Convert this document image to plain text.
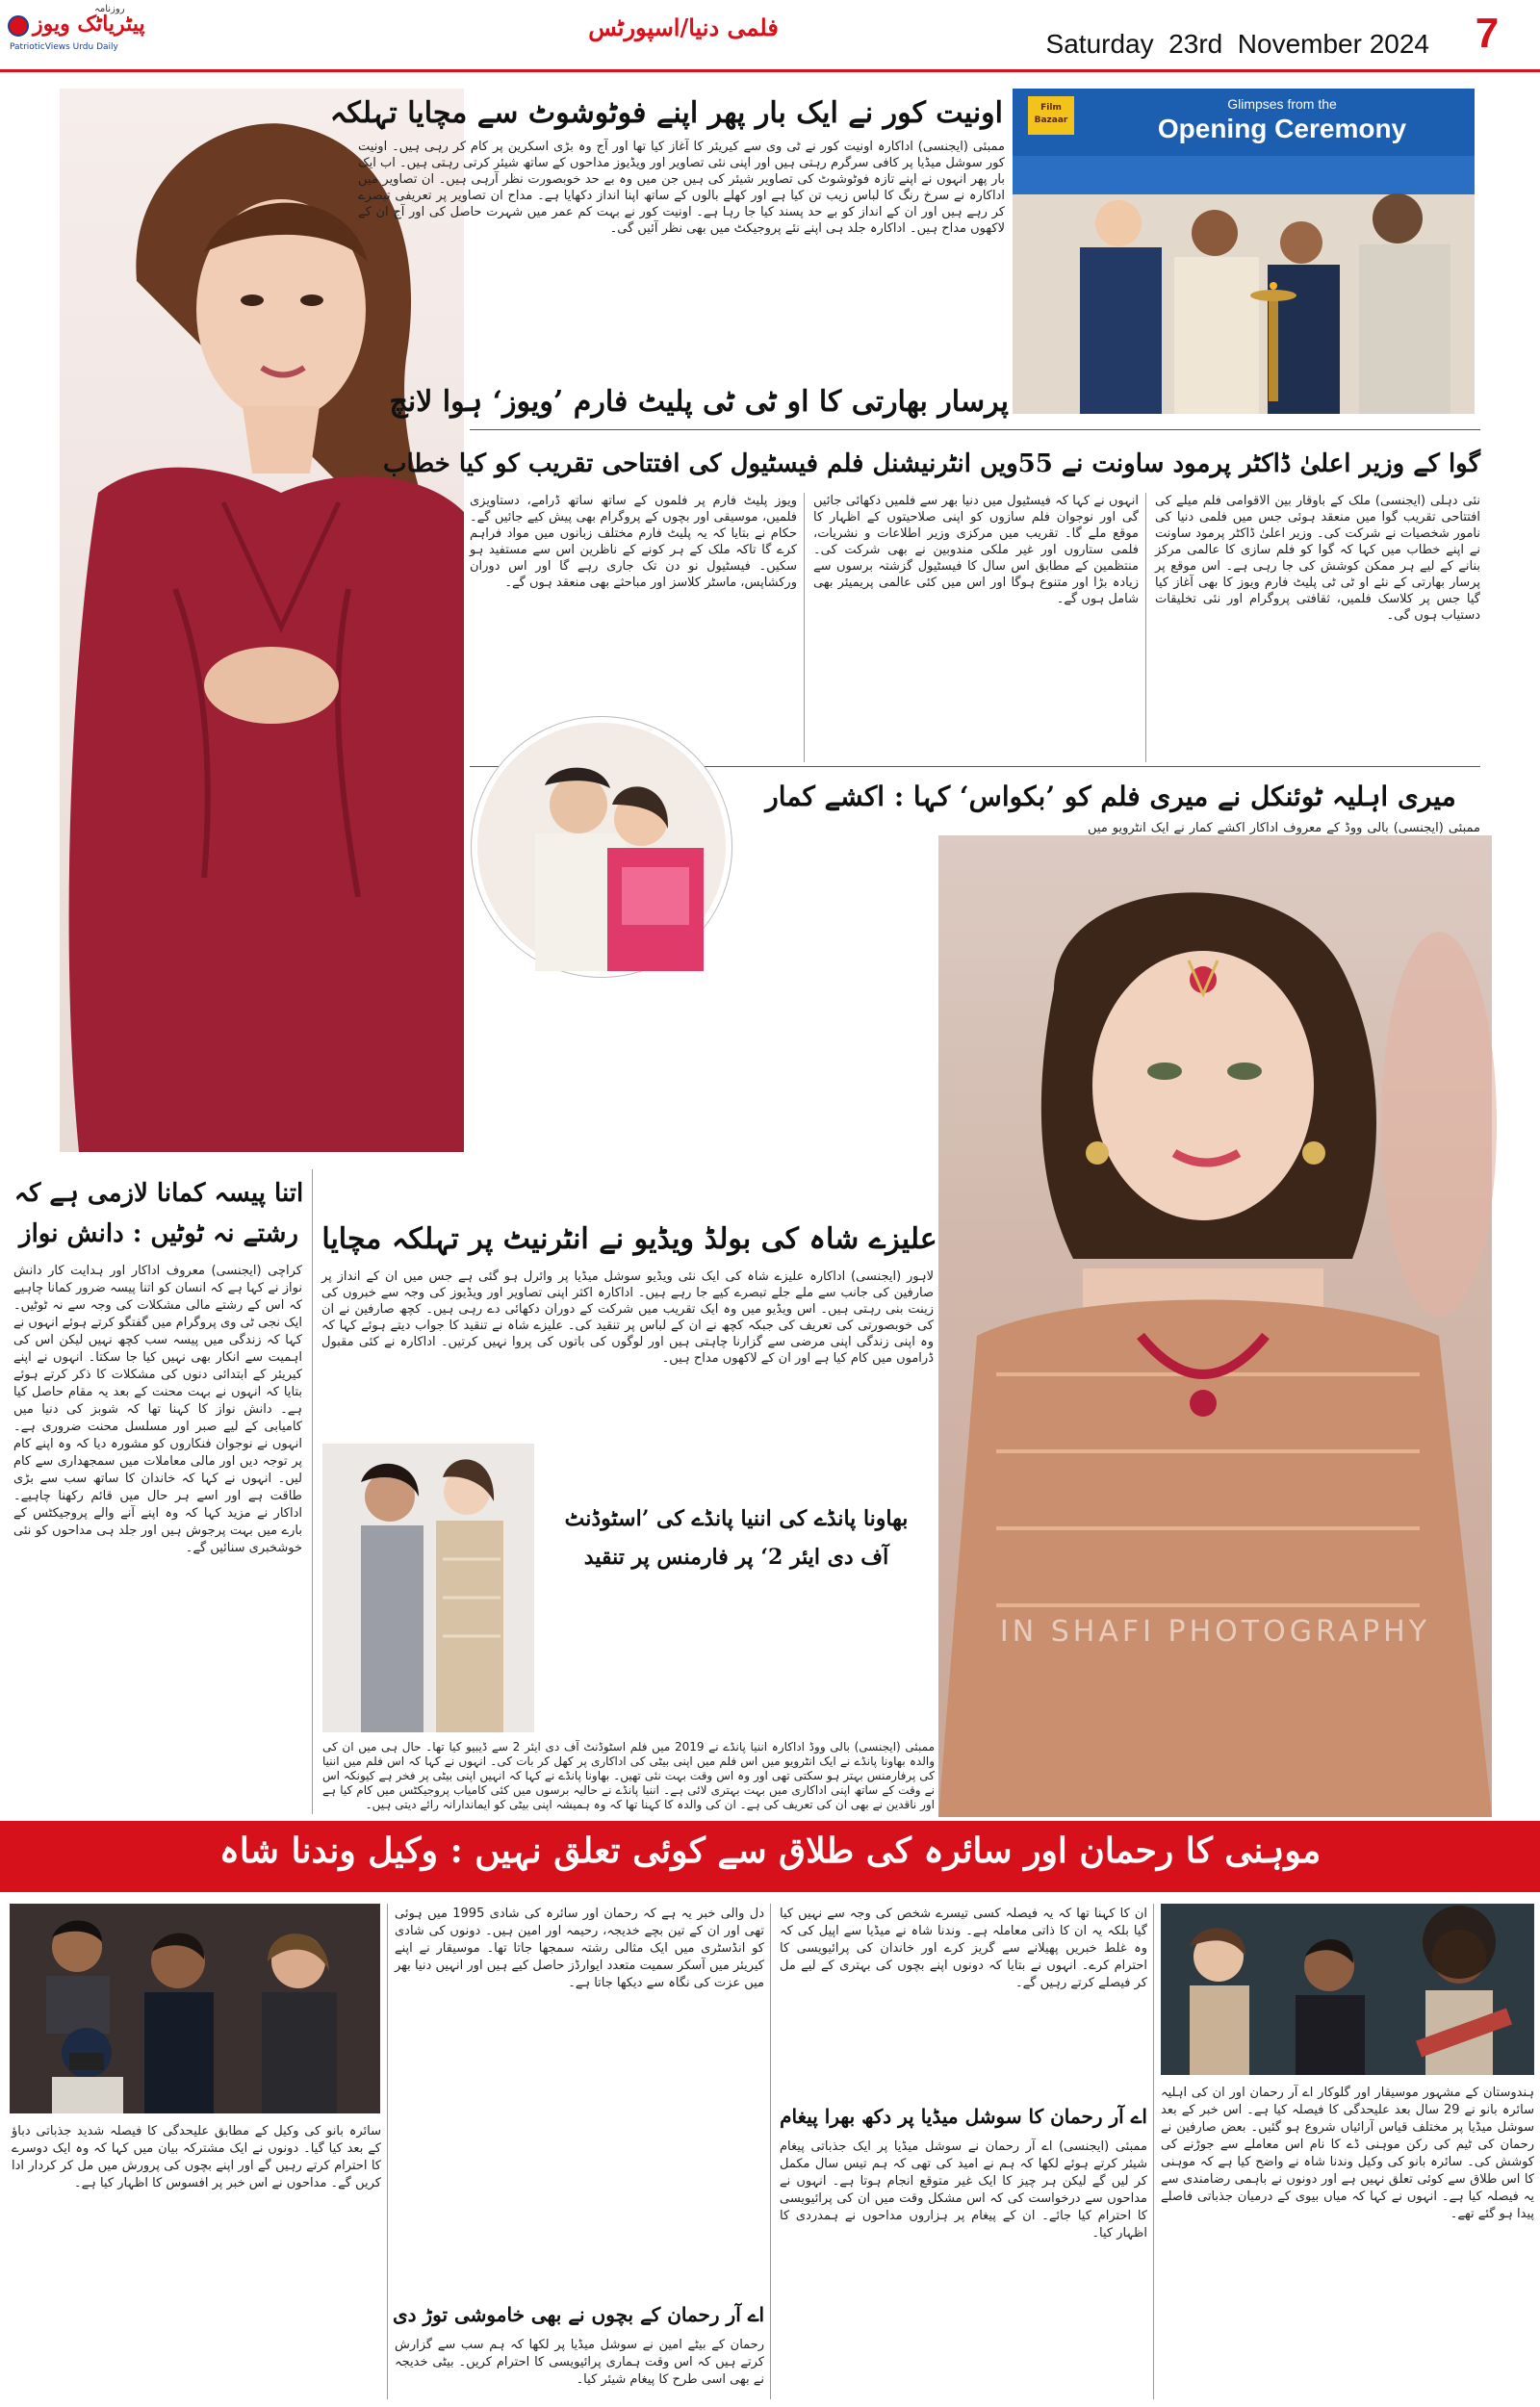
روزنامہ
پیٹریاٹک ویوز
PatrioticViews Urdu Daily
فلمی دنیا/اسپورٹس
Saturday  23rd  November 2024	7
Film Bazaar
Glimpses from the
Opening Ceremony
اونیت کور نے ایک بار پھر اپنے فوٹوشوٹ سے مچایا تہلکہ
ممبئی (ایجنسی) اداکارہ اونیت کور نے ٹی وی سے کیریئر کا آغاز کیا تھا اور آج وہ بڑی اسکرین پر کام کر رہی ہیں۔ اونیت کور سوشل میڈیا پر کافی سرگرم رہتی ہیں اور اپنی نئی تصاویر اور ویڈیوز مداحوں کے ساتھ شیئر کرتی رہتی ہیں۔ اب ایک بار پھر انہوں نے اپنے تازہ فوٹوشوٹ کی تصاویر شیئر کی ہیں جن میں وہ بے حد خوبصورت نظر آرہی ہیں۔ ان تصاویر میں اداکارہ نے سرخ رنگ کا لباس زیب تن کیا ہے اور کھلے بالوں کے ساتھ اپنا انداز دکھایا ہے۔ مداح ان تصاویر پر تعریفی تبصرے کر رہے ہیں اور ان کے انداز کو بے حد پسند کیا جا رہا ہے۔ اونیت کور نے بہت کم عمر میں شہرت حاصل کی اور آج ان کے لاکھوں مداح ہیں۔ اداکارہ جلد ہی اپنے نئے پروجیکٹ میں بھی نظر آئیں گی۔
پرسار بھارتی کا او ٹی ٹی پلیٹ فارم ’ویوز‘ ہوا لانچ
گوا کے وزیر اعلیٰ ڈاکٹر پرمود ساونت نے 55ویں انٹرنیشنل فلم فیسٹیول کی افتتاحی تقریب کو کیا خطاب
نئی دہلی (ایجنسی) ملک کے باوقار بین الاقوامی فلم میلے کی افتتاحی تقریب گوا میں منعقد ہوئی جس میں فلمی دنیا کی نامور شخصیات نے شرکت کی۔ وزیر اعلیٰ ڈاکٹر پرمود ساونت نے اپنے خطاب میں کہا کہ گوا کو فلم سازی کا عالمی مرکز بنانے کے لیے ہر ممکن کوشش کی جا رہی ہے۔ اس موقع پر پرسار بھارتی کے نئے او ٹی ٹی پلیٹ فارم ویوز کا بھی آغاز کیا گیا جس پر کلاسک فلمیں، ثقافتی پروگرام اور نئی تخلیقات دستیاب ہوں گی۔
انہوں نے کہا کہ فیسٹیول میں دنیا بھر سے فلمیں دکھائی جائیں گی اور نوجوان فلم سازوں کو اپنی صلاحیتوں کے اظہار کا موقع ملے گا۔ تقریب میں مرکزی وزیر اطلاعات و نشریات، فلمی ستاروں اور غیر ملکی مندوبین نے بھی شرکت کی۔ منتظمین کے مطابق اس سال کا فیسٹیول گزشتہ برسوں سے زیادہ بڑا اور متنوع ہوگا اور اس میں کئی عالمی پریمیئر بھی شامل ہوں گے۔
ویوز پلیٹ فارم پر فلموں کے ساتھ ساتھ ڈرامے، دستاویزی فلمیں، موسیقی اور بچوں کے پروگرام بھی پیش کیے جائیں گے۔ حکام نے بتایا کہ یہ پلیٹ فارم مختلف زبانوں میں مواد فراہم کرے گا تاکہ ملک کے ہر کونے کے ناظرین اس سے مستفید ہو سکیں۔ فیسٹیول نو دن تک جاری رہے گا اور اس دوران ورکشاپس، ماسٹر کلاسز اور مباحثے بھی منعقد ہوں گے۔
میری اہلیہ ٹوئنکل نے میری فلم کو ’بکواس‘ کہا : اکشے کمار
ممبئی (ایجنسی) بالی ووڈ کے معروف اداکار اکشے کمار نے ایک انٹرویو میں
IN SHAFI PHOTOGRAPHY
اتنا پیسہ کمانا لازمی ہے کہ
رشتے نہ ٹوٹیں : دانش نواز
کراچی (ایجنسی) معروف اداکار اور ہدایت کار دانش نواز نے کہا ہے کہ انسان کو اتنا پیسہ ضرور کمانا چاہیے کہ اس کے رشتے مالی مشکلات کی وجہ سے نہ ٹوٹیں۔ ایک نجی ٹی وی پروگرام میں گفتگو کرتے ہوئے انہوں نے کہا کہ زندگی میں پیسہ سب کچھ نہیں لیکن اس کی اہمیت سے انکار بھی نہیں کیا جا سکتا۔ انہوں نے اپنے کیریئر کے ابتدائی دنوں کی مشکلات کا ذکر کرتے ہوئے بتایا کہ انہوں نے بہت محنت کے بعد یہ مقام حاصل کیا ہے۔ دانش نواز کا کہنا تھا کہ شوبز کی دنیا میں کامیابی کے لیے صبر اور مسلسل محنت ضروری ہے۔ انہوں نے نوجوان فنکاروں کو مشورہ دیا کہ وہ اپنے کام پر توجہ دیں اور مالی معاملات میں سمجھداری سے کام لیں۔ انہوں نے کہا کہ خاندان کا ساتھ سب سے بڑی طاقت ہے اور اسے ہر حال میں قائم رکھنا چاہیے۔ اداکار نے مزید کہا کہ وہ اپنے آنے والے پروجیکٹس کے بارے میں بہت پرجوش ہیں اور جلد ہی مداحوں کو نئی خوشخبری سنائیں گے۔
علیزے شاہ کی بولڈ ویڈیو نے انٹرنیٹ پر تہلکہ مچایا
لاہور (ایجنسی) اداکارہ علیزے شاہ کی ایک نئی ویڈیو سوشل میڈیا پر وائرل ہو گئی ہے جس میں ان کے انداز پر صارفین کی جانب سے ملے جلے تبصرے کیے جا رہے ہیں۔ اداکارہ اکثر اپنی تصاویر اور ویڈیوز کی وجہ سے خبروں کی زینت بنی رہتی ہیں۔ اس ویڈیو میں وہ ایک تقریب میں شرکت کے دوران دکھائی دے رہی ہیں۔ کچھ صارفین نے ان کی خوبصورتی کی تعریف کی جبکہ کچھ نے ان کے لباس پر تنقید کی۔ علیزے شاہ نے تنقید کا جواب دیتے ہوئے کہا کہ وہ اپنی زندگی اپنی مرضی سے گزارنا چاہتی ہیں اور لوگوں کی باتوں کی پروا نہیں کرتیں۔ اداکارہ نے کئی مقبول ڈراموں میں کام کیا ہے اور ان کے لاکھوں مداح ہیں۔
بھاونا پانڈے کی اننیا پانڈے کی ’اسٹوڈنٹ
آف دی ایئر 2‘ پر فارمنس پر تنقید
ممبئی (ایجنسی) بالی ووڈ اداکارہ اننیا پانڈے نے 2019 میں فلم اسٹوڈنٹ آف دی ایئر 2 سے ڈیبیو کیا تھا۔ حال ہی میں ان کی والدہ بھاونا پانڈے نے ایک انٹرویو میں اس فلم میں اپنی بیٹی کی اداکاری پر کھل کر بات کی۔ انہوں نے کہا کہ اس فلم میں اننیا کی پرفارمنس بہتر ہو سکتی تھی اور وہ اس وقت بہت نئی تھیں۔ بھاونا پانڈے نے کہا کہ انہیں اپنی بیٹی پر فخر ہے کیونکہ اس نے وقت کے ساتھ اپنی اداکاری میں بہت بہتری لائی ہے۔ اننیا پانڈے نے حالیہ برسوں میں کئی کامیاب پروجیکٹس میں کام کیا ہے اور ناقدین نے بھی ان کی تعریف کی ہے۔ ان کی والدہ کا کہنا تھا کہ وہ ہمیشہ اپنی بیٹی کو ایماندارانہ رائے دیتی ہیں۔
موہنی کا رحمان اور سائرہ کی طلاق سے کوئی تعلق نہیں : وکیل وندنا شاہ
ہندوستان کے مشہور موسیقار اور گلوکار اے آر رحمان اور ان کی اہلیہ سائرہ بانو نے 29 سال بعد علیحدگی کا فیصلہ کیا ہے۔ اس خبر کے بعد سوشل میڈیا پر مختلف قیاس آرائیاں شروع ہو گئیں۔ بعض صارفین نے رحمان کی ٹیم کی رکن موہنی ڈے کا نام اس معاملے سے جوڑنے کی کوشش کی۔ سائرہ بانو کی وکیل وندنا شاہ نے واضح کیا ہے کہ موہنی کا اس طلاق سے کوئی تعلق نہیں ہے اور دونوں نے باہمی رضامندی سے یہ فیصلہ کیا ہے۔ انہوں نے کہا کہ میاں بیوی کے درمیان جذباتی فاصلے پیدا ہو گئے تھے۔
ان کا کہنا تھا کہ یہ فیصلہ کسی تیسرے شخص کی وجہ سے نہیں کیا گیا بلکہ یہ ان کا ذاتی معاملہ ہے۔ وندنا شاہ نے میڈیا سے اپیل کی کہ وہ غلط خبریں پھیلانے سے گریز کرے اور خاندان کی پرائیویسی کا احترام کرے۔ انہوں نے بتایا کہ دونوں اپنے بچوں کی بہتری کے لیے مل کر فیصلے کرتے رہیں گے۔
اے آر رحمان کا سوشل میڈیا پر دکھ بھرا پیغام
ممبئی (ایجنسی) اے آر رحمان نے سوشل میڈیا پر ایک جذباتی پیغام شیئر کرتے ہوئے لکھا کہ ہم نے امید کی تھی کہ ہم تیس سال مکمل کر لیں گے لیکن ہر چیز کا ایک غیر متوقع انجام ہوتا ہے۔ انہوں نے مداحوں سے درخواست کی کہ اس مشکل وقت میں ان کی پرائیویسی کا احترام کیا جائے۔ ان کے پیغام پر ہزاروں مداحوں نے ہمدردی کا اظہار کیا۔
دل والی خبر یہ ہے کہ رحمان اور سائرہ کی شادی 1995 میں ہوئی تھی اور ان کے تین بچے خدیجہ، رحیمہ اور امین ہیں۔ دونوں کی شادی کو انڈسٹری میں ایک مثالی رشتہ سمجھا جاتا تھا۔ موسیقار نے اپنے کیریئر میں آسکر سمیت متعدد ایوارڈز حاصل کیے ہیں اور انہیں دنیا بھر میں عزت کی نگاہ سے دیکھا جاتا ہے۔
اے آر رحمان کے بچوں نے بھی خاموشی توڑ دی
رحمان کے بیٹے امین نے سوشل میڈیا پر لکھا کہ ہم سب سے گزارش کرتے ہیں کہ اس وقت ہماری پرائیویسی کا احترام کریں۔ بیٹی خدیجہ نے بھی اسی طرح کا پیغام شیئر کیا۔
سائرہ بانو کی وکیل کے مطابق علیحدگی کا فیصلہ شدید جذباتی دباؤ کے بعد کیا گیا۔ دونوں نے ایک مشترکہ بیان میں کہا کہ وہ ایک دوسرے کا احترام کرتے رہیں گے اور اپنے بچوں کی پرورش میں مل کر کردار ادا کریں گے۔ مداحوں نے اس خبر پر افسوس کا اظہار کیا ہے۔
